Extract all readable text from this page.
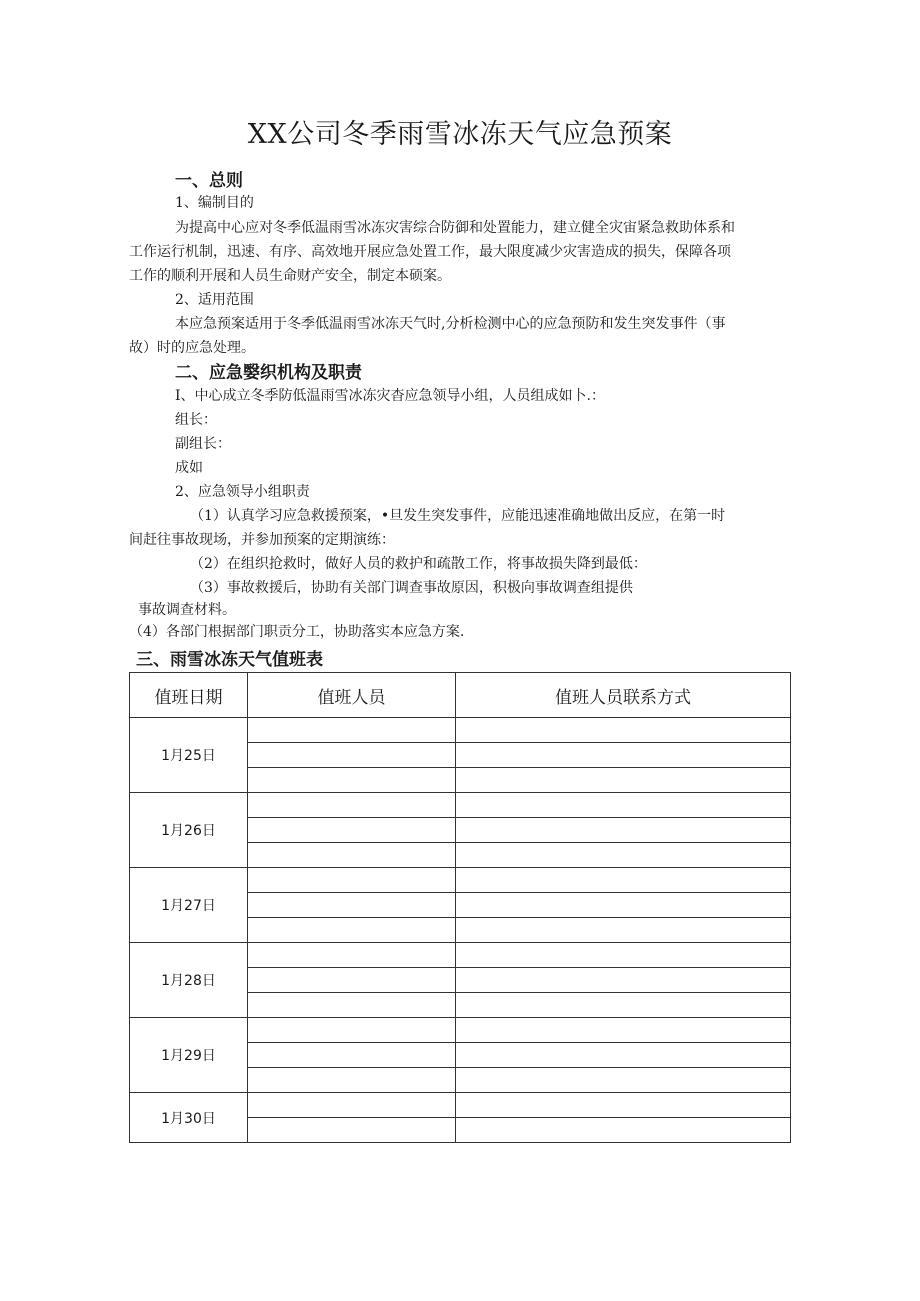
XX公司冬季雨雪冰冻天气应急预案
一、总则
1、编制目的
为提高中心应对冬季低温雨雪冰冻灾害综合防御和处置能力，建立健全灾宙紧急救助体系和
工作运行机制，迅速、有序、高效地开展应急处置工作，最大限度减少灾害造成的损失，保障各项
工作的顺利开展和人员生命财产安全，制定本硕案。
2、适用范围
本应急预案适用于冬季低温雨雪冰冻天气时,分析检测中心的应急预防和发生突发事件（事
故）时的应急处理。
二、应急嫛织机构及职责
I、中心成立冬季防低温雨雪冰冻灾杳应急领导小组，人员组成如卜.：
组长：
副组长：
成如
2、应急领导小组职责
（1）认真学习应急救援预案，•旦发生突发事件，应能迅速准确地做出反应，在第一时
间赶往事故现场，并参加预案的定期演练：
（2）在组织抢救时，做好人员的救护和疏散工作，将事故损失降到最低：
（3）事故救援后，协助有关部门调查事故原因，积极向事故调查组提供
事故调查材料。
（4）各部门根据部门职贡分工，协助落实本应急方案.
三、雨雪冰冻天气值班表
值班日期	值班人员	值班人员联系方式
1月25日		

1月26日		

1月27日		

1月28日		

1月29日		

1月30日		
